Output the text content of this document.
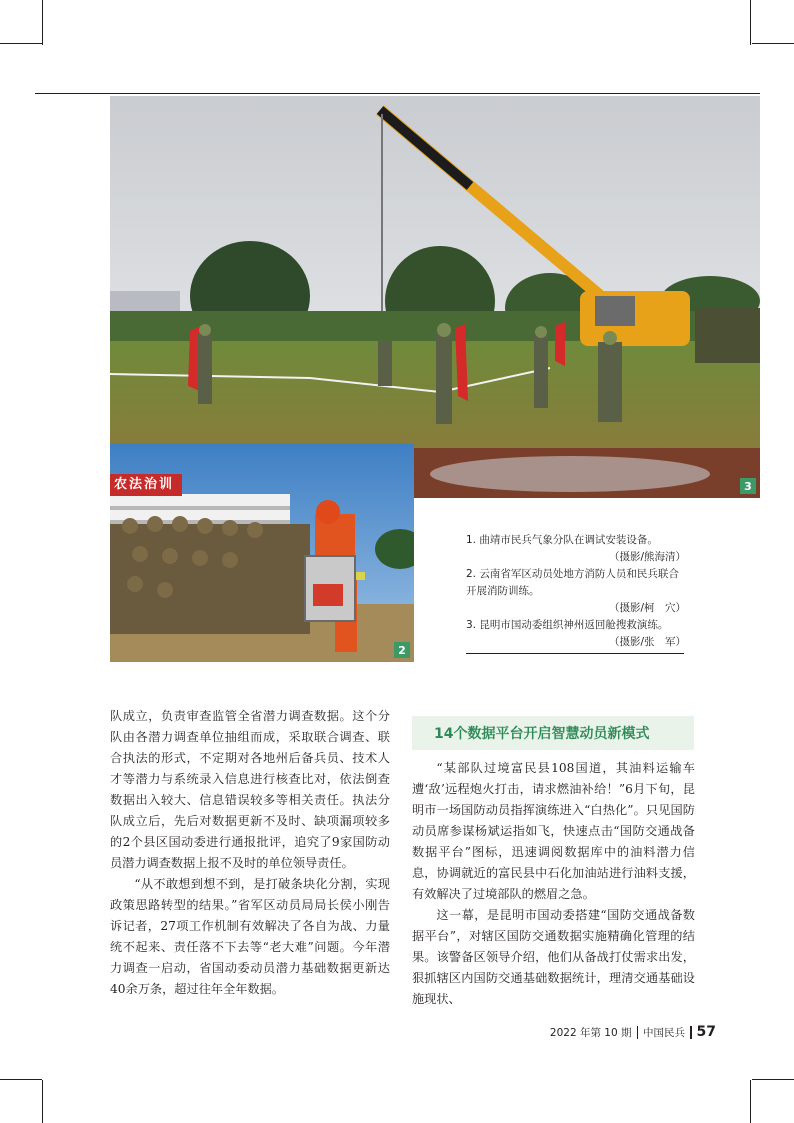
3
农法治训
2
1. 曲靖市民兵气象分队在调试安装设备。
（摄影/熊海清）
2. 云南省军区动员处地方消防人员和民兵联合开展消防训练。
（摄影/柯　穴）
3. 昆明市国动委组织神州返回舱搜救演练。
（摄影/张　军）

队成立，负责审查监管全省潜力调查数据。这个分队由各潜力调查单位抽组而成，采取联合调查、联合执法的形式，不定期对各地州后备兵员、技术人才等潜力与系统录入信息进行核查比对，依法倒查数据出入较大、信息错误较多等相关责任。执法分队成立后，先后对数据更新不及时、缺项漏项较多的2个县区国动委进行通报批评，追究了9家国防动员潜力调查数据上报不及时的单位领导责任。

“从不敢想到想不到，是打破条块化分割，实现政策思路转型的结果。”省军区动员局局长侯小刚告诉记者，27项工作机制有效解决了各自为战、力量统不起来、责任落不下去等“老大难”问题。今年潜力调查一启动，省国动委动员潜力基础数据更新达40余万条，超过往年全年数据。

14个数据平台开启智慧动员新模式

“某部队过境富民县108国道，其油料运输车遭‘敌’远程炮火打击，请求燃油补给！”6月下旬，昆明市一场国防动员指挥演练进入“白热化”。只见国防动员席参谋杨斌运指如飞，快速点击“国防交通战备数据平台”图标，迅速调阅数据库中的油料潜力信息，协调就近的富民县中石化加油站进行油料支援，有效解决了过境部队的燃眉之急。

这一幕，是昆明市国动委搭建“国防交通战备数据平台”，对辖区国防交通数据实施精确化管理的结果。该警备区领导介绍，他们从备战打仗需求出发，狠抓辖区内国防交通基础数据统计，理清交通基础设施现状、

2022 年第 10 期 中国民兵 57
